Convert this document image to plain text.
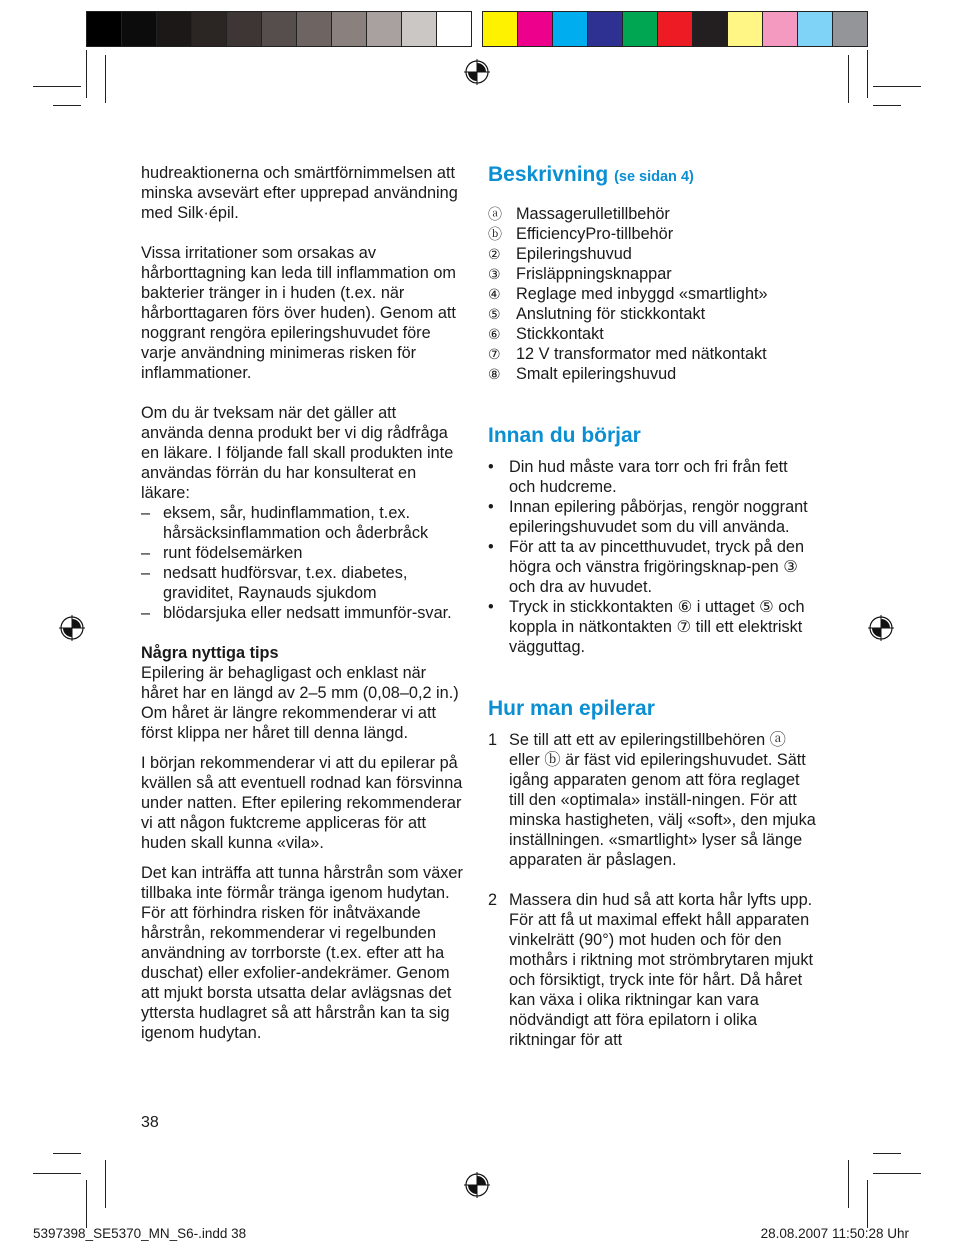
hudreaktionerna och smärtförnimmelsen att minska avsevärt efter upprepad användning med Silk·épil.

Vissa irritationer som orsakas av hårborttagning kan leda till inflammation om bakterier tränger in i huden (t.ex. när hårborttagaren förs över huden). Genom att noggrant rengöra epileringshuvudet före varje användning minimeras risken för inflammationer.

Om du är tveksam när det gäller att använda denna produkt ber vi dig rådfråga en läkare. I följande fall skall produkten inte användas förrän du har konsulterat en läkare:

– eksem, sår, hudinflammation, t.ex. hårsäcksinflammation och åderbråck
– runt födelsemärken
– nedsatt hudförsvar, t.ex. diabetes, graviditet, Raynauds sjukdom
– blödarsjuka eller nedsatt immunför-svar.

Några nyttiga tips

Epilering är behagligast och enklast när håret har en längd av 2–5 mm (0,08–0,2 in.) Om håret är längre rekommenderar vi att först klippa ner håret till denna längd.

I början rekommenderar vi att du epilerar på kvällen så att eventuell rodnad kan försvinna under natten. Efter epilering rekommenderar vi att någon fuktcreme appliceras för att huden skall kunna «vila».

Det kan inträffa att tunna hårstrån som växer tillbaka inte förmår tränga igenom hudytan. För att förhindra risken för inåtväxande hårstrån, rekommenderar vi regelbunden användning av torrborste (t.ex. efter att ha duschat) eller exfolier-andekrämer. Genom att mjukt borsta utsatta delar avlägsnas det yttersta hudlagret så att hårstrån kan ta sig igenom hudytan.

Beskrivning (se sidan 4)
ⓐ Massagerulletillbehör
ⓑ EfficiencyPro-tillbehör
② Epileringshuvud
③ Frisläppningsknappar
④ Reglage med inbyggd «smartlight»
⑤ Anslutning för stickkontakt
⑥ Stickkontakt
⑦ 12 V transformator med nätkontakt
⑧ Smalt epileringshuvud
Innan du börjar
• Din hud måste vara torr och fri från fett och hudcreme.
• Innan epilering påbörjas, rengör noggrant epileringshuvudet som du vill använda.
• För att ta av pincetthuvudet, tryck på den högra och vänstra frigöringsknap-pen ③ och dra av huvudet.
• Tryck in stickkontakten ⑥ i uttaget ⑤ och koppla in nätkontakten ⑦ till ett elektriskt vägguttag.
Hur man epilerar
1 Se till att ett av epileringstillbehören ⓐ eller ⓑ är fäst vid epileringshuvudet. Sätt igång apparaten genom att föra reglaget till den «optimala» inställ-ningen. För att minska hastigheten, välj «soft», den mjuka inställningen. «smartlight» lyser så länge apparaten är påslagen.
2 Massera din hud så att korta hår lyfts upp. För att få ut maximal effekt håll apparaten vinkelrätt (90°) mot huden och för den mothårs i riktning mot strömbrytaren mjukt och försiktigt, tryck inte för hårt. Då håret kan växa i olika riktningar kan vara nödvändigt att föra epilatorn i olika riktningar för att
38
5397398_SE5370_MN_S6-.indd 38	28.08.2007 11:50:28 Uhr
